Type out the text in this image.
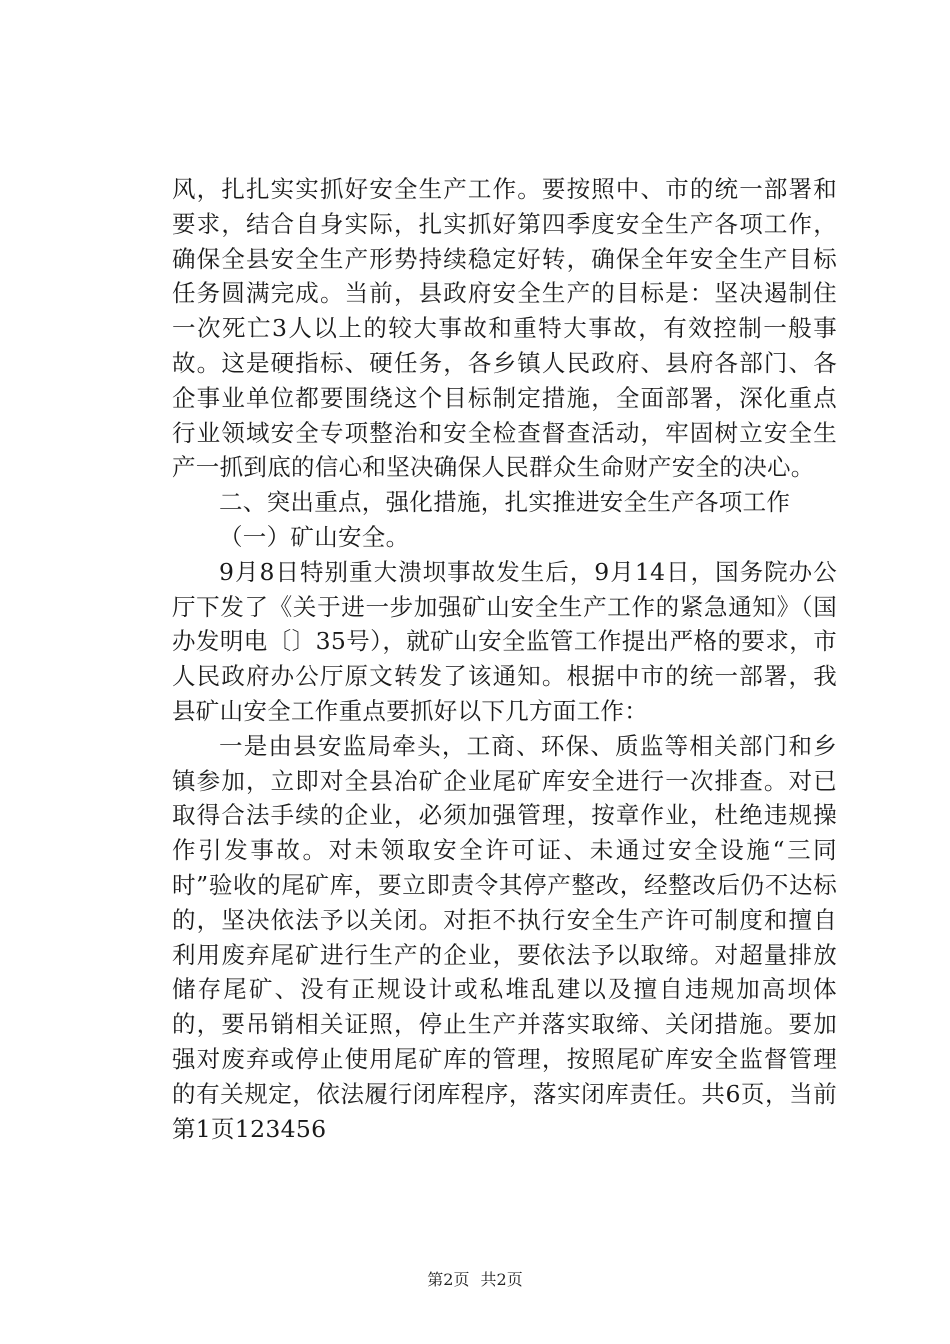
风，扎扎实实抓好安全生产工作。要按照中、市的统一部署和要求，结合自身实际，扎实抓好第四季度安全生产各项工作，确保全县安全生产形势持续稳定好转，确保全年安全生产目标任务圆满完成。当前，县政府安全生产的目标是：坚决遏制住一次死亡3人以上的较大事故和重特大事故，有效控制一般事故。这是硬指标、硬任务，各乡镇人民政府、县府各部门、各企事业单位都要围绕这个目标制定措施，全面部署，深化重点行业领域安全专项整治和安全检查督查活动，牢固树立安全生产一抓到底的信心和坚决确保人民群众生命财产安全的决心。

二、突出重点，强化措施，扎实推进安全生产各项工作

（一）矿山安全。

9月8日特别重大溃坝事故发生后，9月14日，国务院办公厅下发了《关于进一步加强矿山安全生产工作的紧急通知》（国办发明电〔〕35号），就矿山安全监管工作提出严格的要求，市人民政府办公厅原文转发了该通知。根据中市的统一部署，我县矿山安全工作重点要抓好以下几方面工作：

一是由县安监局牵头，工商、环保、质监等相关部门和乡镇参加，立即对全县冶矿企业尾矿库安全进行一次排查。对已取得合法手续的企业，必须加强管理，按章作业，杜绝违规操作引发事故。对未领取安全许可证、未通过安全设施“三同时”验收的尾矿库，要立即责令其停产整改，经整改后仍不达标的，坚决依法予以关闭。对拒不执行安全生产许可制度和擅自利用废弃尾矿进行生产的企业，要依法予以取缔。对超量排放储存尾矿、没有正规设计或私堆乱建以及擅自违规加高坝体的，要吊销相关证照，停止生产并落实取缔、关闭措施。要加强对废弃或停止使用尾矿库的管理，按照尾矿库安全监督管理的有关规定，依法履行闭库程序，落实闭库责任。共6页，当前第1页123456

第2页 共2页
